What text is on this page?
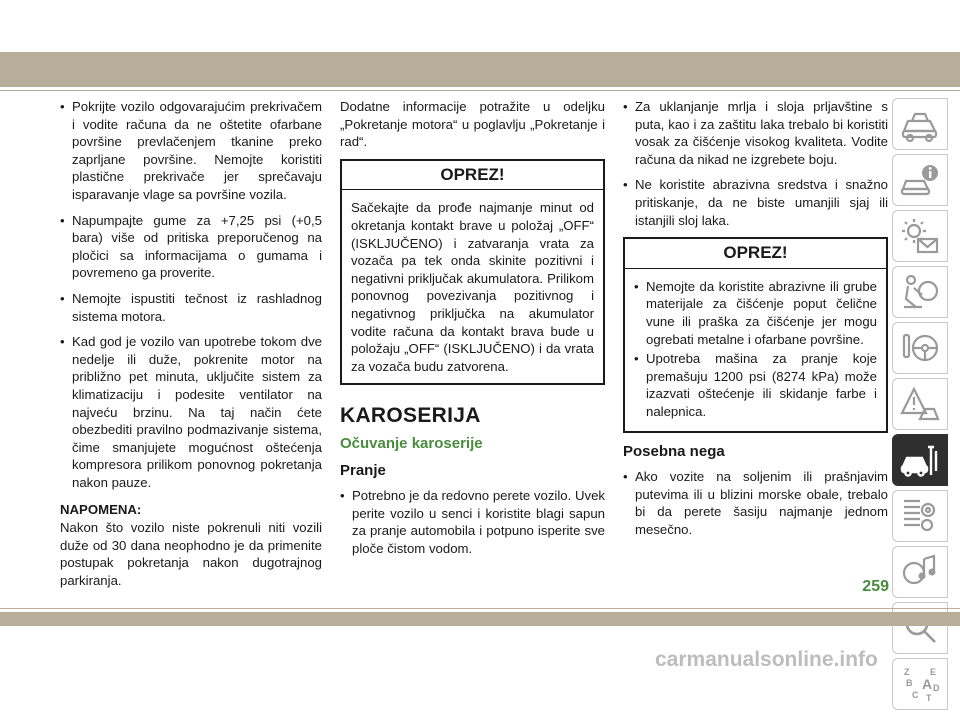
• Pokrijte vozilo odgovarajućim prekrivačem i vodite računa da ne oštetite ofarbane površine prevlačenjem tkanine preko zaprljane površine. Nemojte koristiti plastične prekrivače jer sprečavaju isparavanje vlage sa površine vozila.
• Napumpajte gume za +7,25 psi (+0,5 bara) više od pritiska preporučenog na pločici sa informacijama o gumama i povremeno ga proverite.
• Nemojte ispustiti tečnost iz rashladnog sistema motora.
• Kad god je vozilo van upotrebe tokom dve nedelje ili duže, pokrenite motor na približno pet minuta, uključite sistem za klimatizaciju i podesite ventilator na najveću brzinu. Na taj način ćete obezbediti pravilno podmazivanje sistema, čime smanjujete mogućnost oštećenja kompresora prilikom ponovnog pokretanja nakon pauze.
NAPOMENA:

Nakon što vozilo niste pokrenuli niti vozili duže od 30 dana neophodno je da primenite postupak pokretanja nakon dugotrajnog parkiranja.

Dodatne informacije potražite u odeljku „Pokretanje motora“ u poglavlju „Pokretanje i rad“.

OPREZ!
Sačekajte da prođe najmanje minut od okretanja kontakt brave u položaj „OFF“ (ISKLJUČENO) i zatvaranja vrata za vozača pa tek onda skinite pozitivni i negativni priključak akumulatora. Prilikom ponovnog povezivanja pozitivnog i negativnog priključka na akumulator vodite računa da kontakt brava bude u položaju „OFF“ (ISKLJUČENO) i da vrata za vozača budu zatvorena.
KAROSERIJA
Očuvanje karoserije
Pranje
• Potrebno je da redovno perete vozilo. Uvek perite vozilo u senci i koristite blagi sapun za pranje automobila i potpuno isperite sve ploče čistom vodom.
• Za uklanjanje mrlja i sloja prljavštine s puta, kao i za zaštitu laka trebalo bi koristiti vosak za čišćenje visokog kvaliteta. Vodite računa da nikad ne izgrebete boju.
• Ne koristite abrazivna sredstva i snažno pritiskanje, da ne biste umanjili sjaj ili istanjili sloj laka.
OPREZ!
• Nemojte da koristite abrazivne ili grube materijale za čišćenje poput čelične vune ili praška za čišćenje jer mogu ogrebati metalne i ofarbane površine.
• Upotreba mašina za pranje koje premašuju 1200 psi (8274 kPa) može izazvati oštećenje ili skidanje farbe i nalepnica.
Posebna nega
• Ako vozite na soljenim ili prašnjavim putevima ili u blizini morske obale, trebalo bi da perete šasiju najmanje jednom mesečno.
Z E
B A
C
D
T
259
carmanualsonline.info
